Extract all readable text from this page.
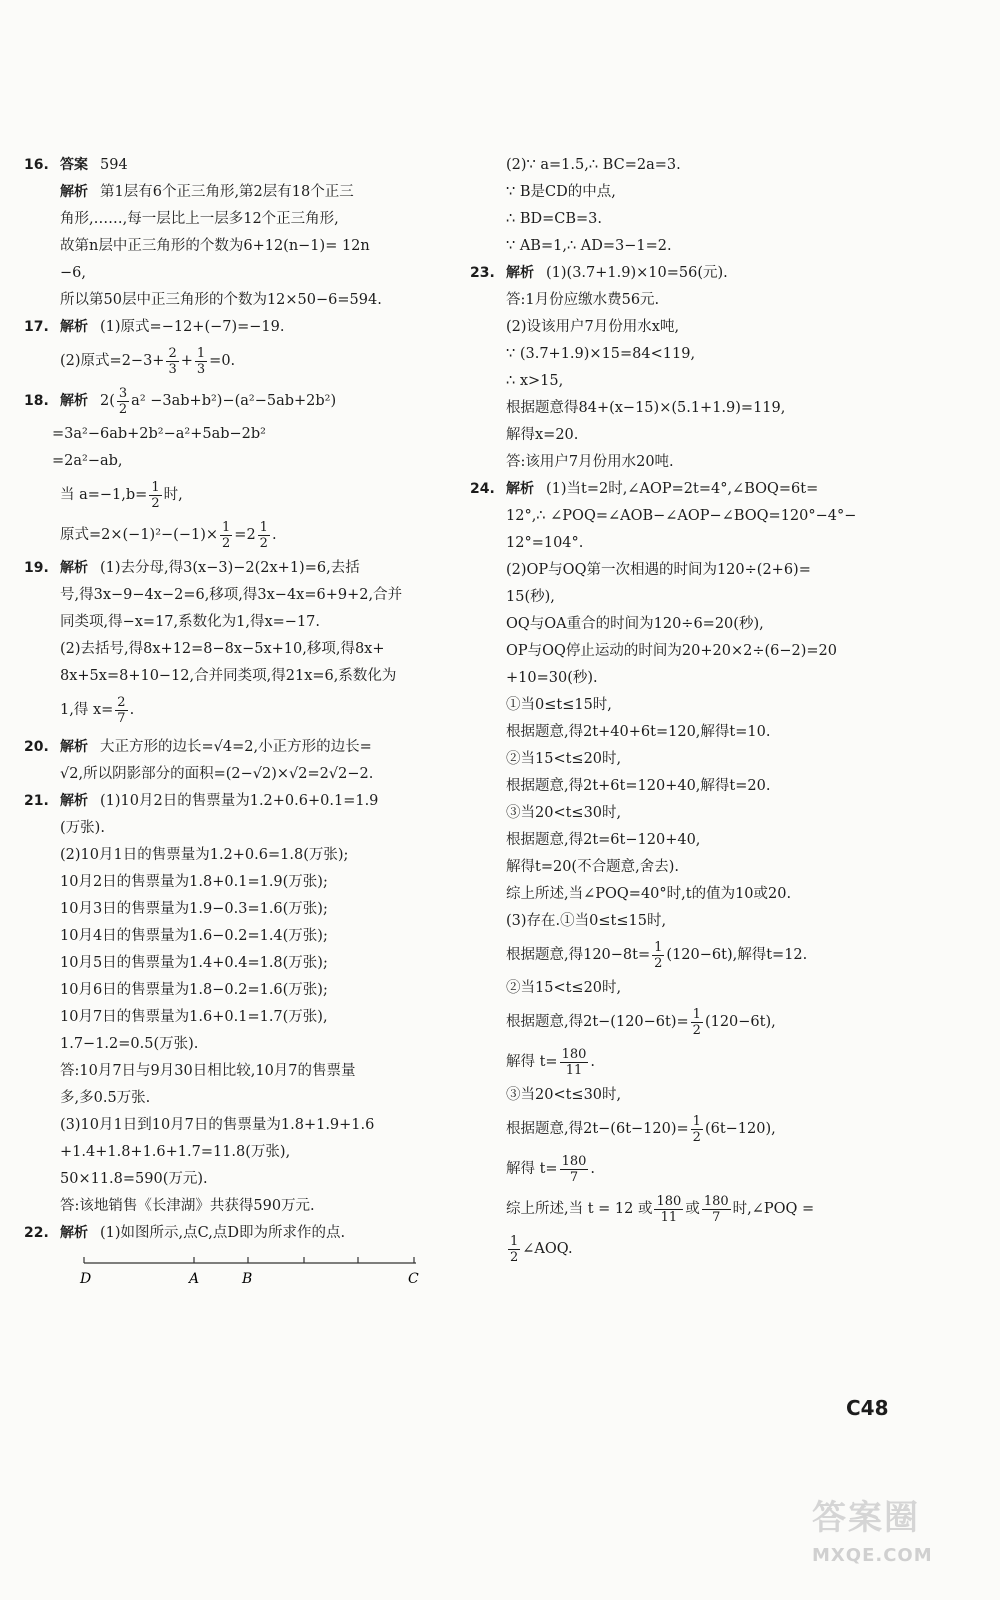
16. 答案 594
解析 第1层有6个正三角形,第2层有18个正三
角形,……,每一层比上一层多12个正三角形,
故第n层中正三角形的个数为6+12(n−1)= 12n
−6,
所以第50层中正三角形的个数为12×50−6=594.
17. 解析 (1)原式=−12+(−7)=−19.
(2)原式$=2-3+ \frac{2}{3} + \frac{1}{3} =0$.
18. 解析 $2( \frac{3}{2} a^2 -3ab+b^2)-(a^2-5ab+2b^2)$
=3a²−6ab+2b²−a²+5ab−2b²
=2a²−ab,
当 $a=-1,b= \frac{1}{2}$ 时,
原式$=2\times(-1)^2-(-1)\times \frac{1}{2} =2 \frac{1}{2}$ .
19. 解析 (1)去分母,得3(x−3)−2(2x+1)=6,去括
号,得3x−9−4x−2=6,移项,得3x−4x=6+9+2,合并
同类项,得−x=17,系数化为1,得x=−17.
(2)去括号,得8x+12=8−8x−5x+10,移项,得8x+
8x+5x=8+10−12,合并同类项,得21x=6,系数化为
1,得 $x= \frac{2}{7}$ .
20. 解析 大正方形的边长=√4=2,小正方形的边长=
√2,所以阴影部分的面积=(2−√2)×√2=2√2−2.
21. 解析 (1)10月2日的售票量为1.2+0.6+0.1=1.9
(万张).
(2)10月1日的售票量为1.2+0.6=1.8(万张);
10月2日的售票量为1.8+0.1=1.9(万张);
10月3日的售票量为1.9−0.3=1.6(万张);
10月4日的售票量为1.6−0.2=1.4(万张);
10月5日的售票量为1.4+0.4=1.8(万张);
10月6日的售票量为1.8−0.2=1.6(万张);
10月7日的售票量为1.6+0.1=1.7(万张),
1.7−1.2=0.5(万张).
答:10月7日与9月30日相比较,10月7的售票量
多,多0.5万张.
(3)10月1日到10月7日的售票量为1.8+1.9+1.6
+1.4+1.8+1.6+1.7=11.8(万张),
50×11.8=590(万元).
答:该地销售《长津湖》共获得590万元.
22. 解析 (1)如图所示,点C,点D即为所求作的点.
D	A	B	C
(2)∵ a=1.5,∴ BC=2a=3.
∵ B是CD的中点,
∴ BD=CB=3.
∵ AB=1,∴ AD=3−1=2.
23. 解析 (1)(3.7+1.9)×10=56(元).
答:1月份应缴水费56元.
(2)设该用户7月份用水x吨,
∵ (3.7+1.9)×15=84<119,
∴ x>15,
根据题意得84+(x−15)×(5.1+1.9)=119,
解得x=20.
答:该用户7月份用水20吨.
24. 解析 (1)当t=2时,∠AOP=2t=4°,∠BOQ=6t=
12°,∴ ∠POQ=∠AOB−∠AOP−∠BOQ=120°−4°−
12°=104°.
(2)OP与OQ第一次相遇的时间为120÷(2+6)=
15(秒),
OQ与OA重合的时间为120÷6=20(秒),
OP与OQ停止运动的时间为20+20×2÷(6−2)=20
+10=30(秒).
①当0≤t≤15时,
根据题意,得2t+40+6t=120,解得t=10.
②当15<t≤20时,
根据题意,得2t+6t=120+40,解得t=20.
③当20<t≤30时,
根据题意,得2t=6t−120+40,
解得t=20(不合题意,舍去).
综上所述,当∠POQ=40°时,t的值为10或20.
(3)存在.①当0≤t≤15时,
根据题意,得$120-8t= \frac{1}{2} (120-6t)$,解得t=12.
②当15<t≤20时,
根据题意,得$2t-(120-6t)= \frac{1}{2} (120-6t)$,
解得 $t= \frac{180}{11}$ .
③当20<t≤30时,
根据题意,得$2t-(6t-120)= \frac{1}{2} (6t-120)$,
解得 $t= \frac{180}{7}$ .
综上所述,当 t = 12 或 $\frac{180}{11}$ 或 $\frac{180}{7}$ 时,∠POQ =
$\frac{1}{2}$ ∠AOQ.
C48
答案圈
MXQE.COM
